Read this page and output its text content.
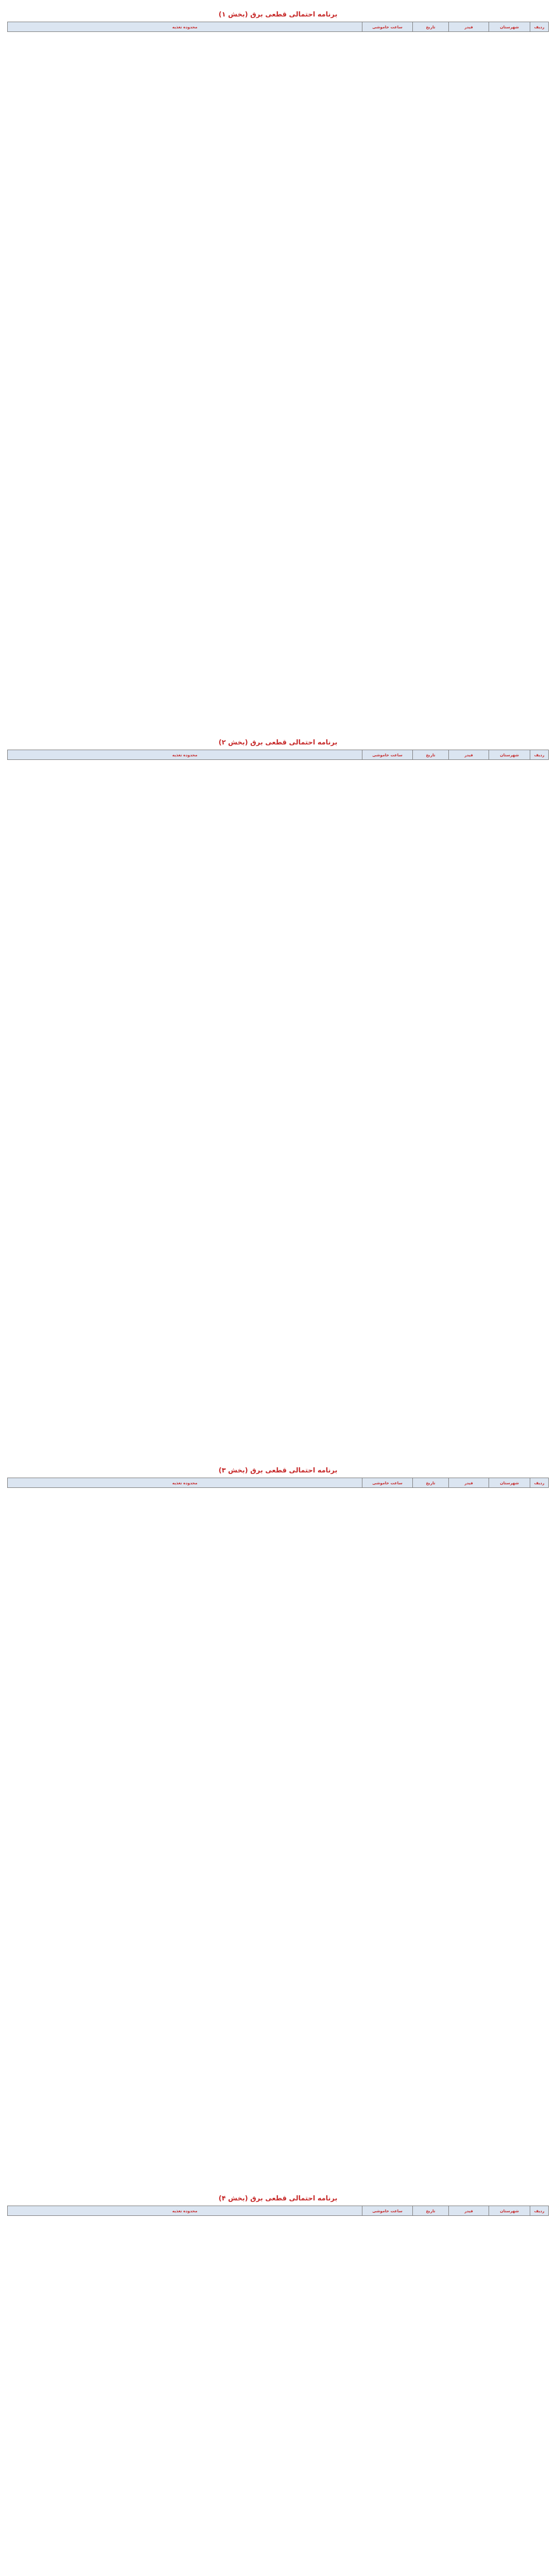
برنامه احتمالی قطعی برق (بخش ۱)
ردیف	شهرستان	فیدر	تاریخ	ساعت خاموشی	محدوده تغذیه
برنامه احتمالی قطعی برق (بخش ۲)
ردیف	شهرستان	فیدر	تاریخ	ساعت خاموشی	محدوده تغذیه
برنامه احتمالی قطعی برق (بخش ۳)
ردیف	شهرستان	فیدر	تاریخ	ساعت خاموشی	محدوده تغذیه
برنامه احتمالی قطعی برق (بخش ۴)
ردیف	شهرستان	فیدر	تاریخ	ساعت خاموشی	محدوده تغذیه
